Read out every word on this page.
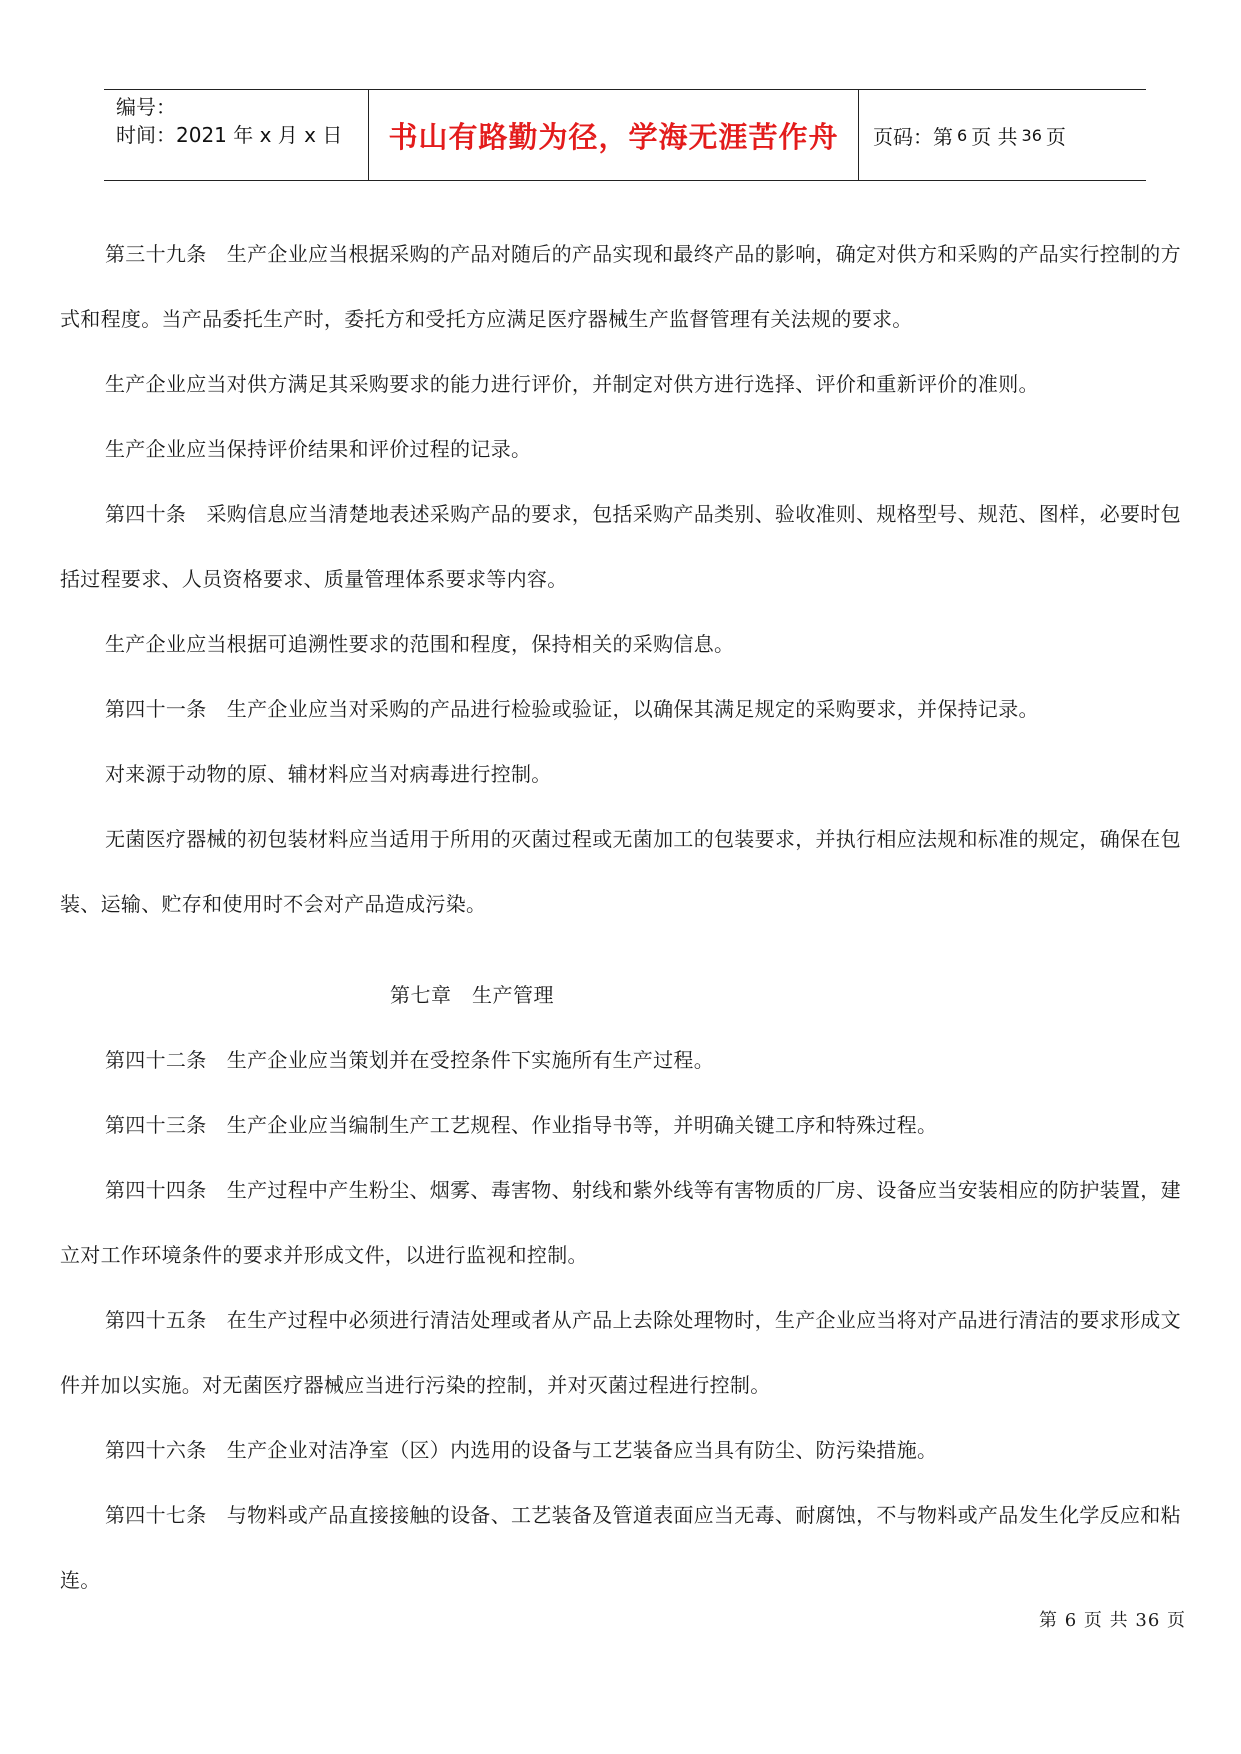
编号：
时间：2021 年 x 月 x 日	书山有路勤为径，学海无涯苦作舟	页码：第 6 页 共 36 页

第三十九条　生产企业应当根据采购的产品对随后的产品实现和最终产品的影响，确定对供方和采购的产品实行控制的方式和程度。当产品委托生产时，委托方和受托方应满足医疗器械生产监督管理有关法规的要求。

生产企业应当对供方满足其采购要求的能力进行评价，并制定对供方进行选择、评价和重新评价的准则。

生产企业应当保持评价结果和评价过程的记录。

第四十条　采购信息应当清楚地表述采购产品的要求，包括采购产品类别、验收准则、规格型号、规范、图样，必要时包括过程要求、人员资格要求、质量管理体系要求等内容。

生产企业应当根据可追溯性要求的范围和程度，保持相关的采购信息。

第四十一条　生产企业应当对采购的产品进行检验或验证，以确保其满足规定的采购要求，并保持记录。

对来源于动物的原、辅材料应当对病毒进行控制。

无菌医疗器械的初包装材料应当适用于所用的灭菌过程或无菌加工的包装要求，并执行相应法规和标准的规定，确保在包装、运输、贮存和使用时不会对产品造成污染。

第七章　生产管理

第四十二条　生产企业应当策划并在受控条件下实施所有生产过程。

第四十三条　生产企业应当编制生产工艺规程、作业指导书等，并明确关键工序和特殊过程。

第四十四条　生产过程中产生粉尘、烟雾、毒害物、射线和紫外线等有害物质的厂房、设备应当安装相应的防护装置，建立对工作环境条件的要求并形成文件，以进行监视和控制。

第四十五条　在生产过程中必须进行清洁处理或者从产品上去除处理物时，生产企业应当将对产品进行清洁的要求形成文件并加以实施。对无菌医疗器械应当进行污染的控制，并对灭菌过程进行控制。

第四十六条　生产企业对洁净室（区）内选用的设备与工艺装备应当具有防尘、防污染措施。

第四十七条　与物料或产品直接接触的设备、工艺装备及管道表面应当无毒、耐腐蚀，不与物料或产品发生化学反应和粘连。

第 6 页 共 36 页
